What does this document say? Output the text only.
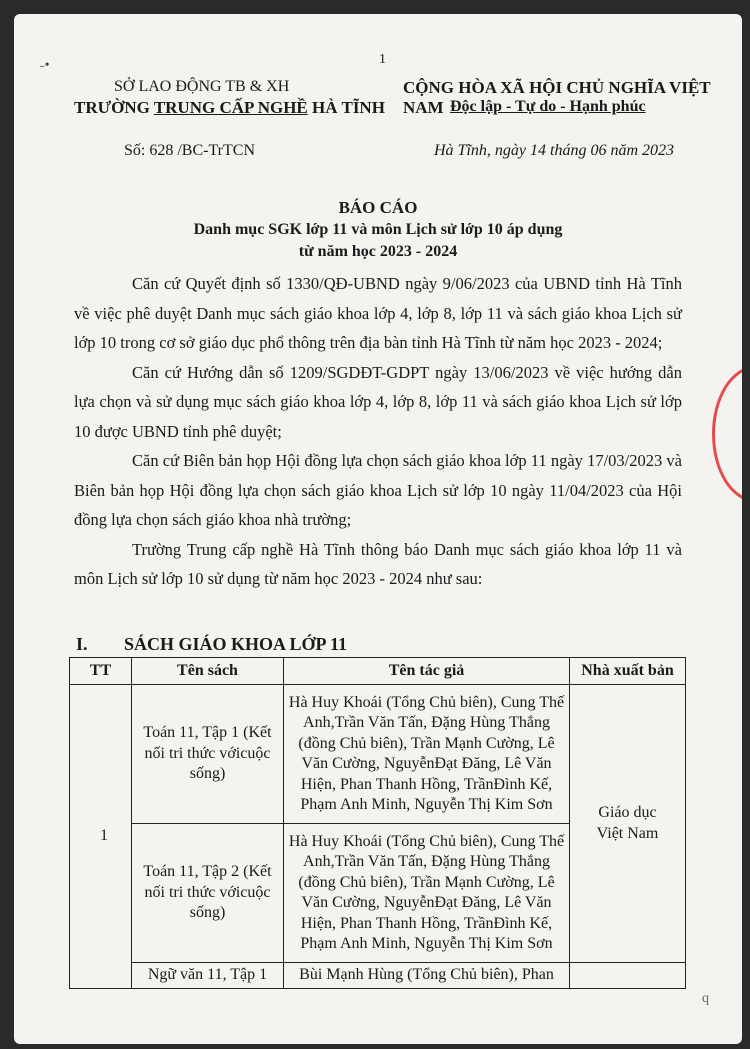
˗•	1
SỞ LAO ĐỘNG TB & XH
TRƯỜNG TRUNG CẤP NGHỀ HÀ TĨNH
CỘNG HÒA XÃ HỘI CHỦ NGHĨA VIỆT NAM Độc lập - Tự do - Hạnh phúc
Số: 628 /BC-TrTCN	Hà Tĩnh, ngày 14 tháng 06 năm 2023
BÁO CÁO
Danh mục SGK lớp 11 và môn Lịch sử lớp 10 áp dụng
từ năm học 2023 - 2024

Căn cứ Quyết định số 1330/QĐ-UBND ngày 9/06/2023 của UBND tỉnh Hà Tĩnh về việc phê duyệt Danh mục sách giáo khoa lớp 4, lớp 8, lớp 11 và sách giáo khoa Lịch sử lớp 10 trong cơ sở giáo dục phổ thông trên địa bàn tỉnh Hà Tĩnh từ năm học 2023 - 2024;

Căn cứ Hướng dẫn số 1209/SGDĐT-GDPT ngày 13/06/2023 về việc hướng dẫn lựa chọn và sử dụng mục sách giáo khoa lớp 4, lớp 8, lớp 11 và sách giáo khoa Lịch sử lớp 10 được UBND tỉnh phê duyệt;

Căn cứ Biên bản họp Hội đồng lựa chọn sách giáo khoa lớp 11 ngày 17/03/2023 và Biên bản họp Hội đồng lựa chọn sách giáo khoa Lịch sử lớp 10 ngày 11/04/2023 của Hội đồng lựa chọn sách giáo khoa nhà trường;

Trường Trung cấp nghề Hà Tĩnh thông báo Danh mục sách giáo khoa lớp 11 và môn Lịch sử lớp 10 sử dụng từ năm học 2023 - 2024 như sau:

I. SÁCH GIÁO KHOA LỚP 11
TT	Tên sách	Tên tác giả	Nhà xuất bản
1	Toán 11, Tập 1 (Kết nối tri thức vớicuộc sống)	Hà Huy Khoái (Tổng Chủ biên), Cung Thế Anh,Trần Văn Tấn, Đặng Hùng Thắng (đồng Chủ biên), Trần Mạnh Cường, Lê Văn Cường, NguyễnĐạt Đăng, Lê Văn Hiện, Phan Thanh Hồng, TrầnĐình Kế, Phạm Anh Minh, Nguyễn Thị Kim Sơn	Giáo dục Việt Nam
	Toán 11, Tập 2 (Kết nối tri thức vớicuộc sống)	Hà Huy Khoái (Tổng Chủ biên), Cung Thế Anh,Trần Văn Tấn, Đặng Hùng Thắng (đồng Chủ biên), Trần Mạnh Cường, Lê Văn Cường, NguyễnĐạt Đăng, Lê Văn Hiện, Phan Thanh Hồng, TrầnĐình Kế, Phạm Anh Minh, Nguyễn Thị Kim Sơn	
	Ngữ văn 11, Tập 1	Bùi Mạnh Hùng (Tổng Chủ biên), Phan	
ϥ
